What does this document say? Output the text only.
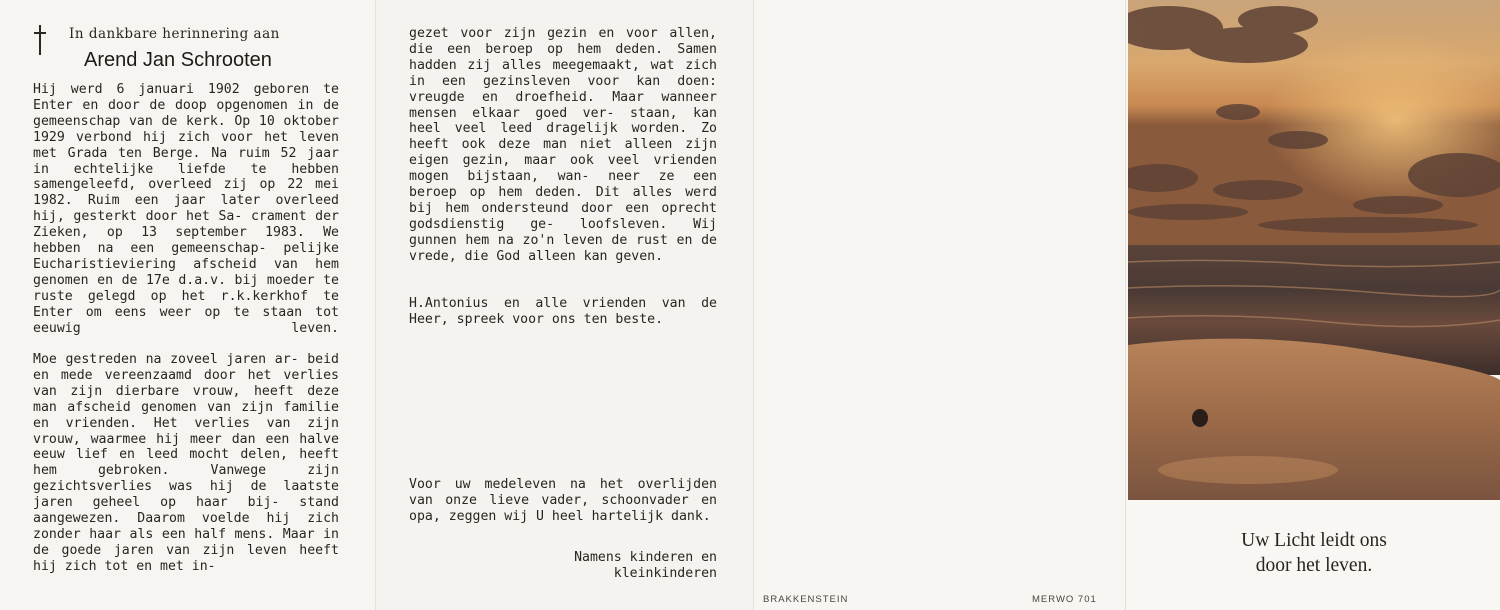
In dankbare herinnering aan
Arend Jan Schrooten

Hij werd 6 januari 1902 geboren te Enter en door de doop opgenomen in de gemeenschap van de kerk. Op 10 oktober 1929 verbond hij zich voor het leven met Grada ten Berge. Na ruim 52 jaar in echtelijke liefde te hebben samengeleefd, overleed zij op 22 mei 1982. Ruim een jaar later overleed hij, gesterkt door het Sa- crament der Zieken, op 13 september 1983. We hebben na een gemeenschap- pelijke Eucharistieviering afscheid van hem genomen en de 17e d.a.v. bij moeder te ruste gelegd op het r.k.kerkhof te Enter om eens weer op te staan tot eeuwig leven.

Moe gestreden na zoveel jaren ar- beid en mede vereenzaamd door het verlies van zijn dierbare vrouw, heeft deze man afscheid genomen van zijn familie en vrienden. Het verlies van zijn vrouw, waarmee hij meer dan een halve eeuw lief en leed mocht delen, heeft hem gebroken. Vanwege zijn gezichtsverlies was hij de laatste jaren geheel op haar bij- stand aangewezen. Daarom voelde hij zich zonder haar als een half mens. Maar in de goede jaren van zijn leven heeft hij zich tot en met in-

gezet voor zijn gezin en voor allen, die een beroep op hem deden. Samen hadden zij alles meegemaakt, wat zich in een gezinsleven voor kan doen: vreugde en droefheid. Maar wanneer mensen elkaar goed ver- staan, kan heel veel leed dragelijk worden. Zo heeft ook deze man niet alleen zijn eigen gezin, maar ook veel vrienden mogen bijstaan, wan- neer ze een beroep op hem deden. Dit alles werd bij hem ondersteund door een oprecht godsdienstig ge- loofsleven. Wij gunnen hem na zo'n leven de rust en de vrede, die God alleen kan geven.

H.Antonius en alle vrienden van de Heer, spreek voor ons ten beste.

Voor uw medeleven na het overlijden van onze lieve vader, schoonvader en opa, zeggen wij U heel hartelijk dank.

Namens kinderen en kleinkinderen

BRAKKENSTEIN	MERWO 701
Uw Licht leidt ons
door het leven.
